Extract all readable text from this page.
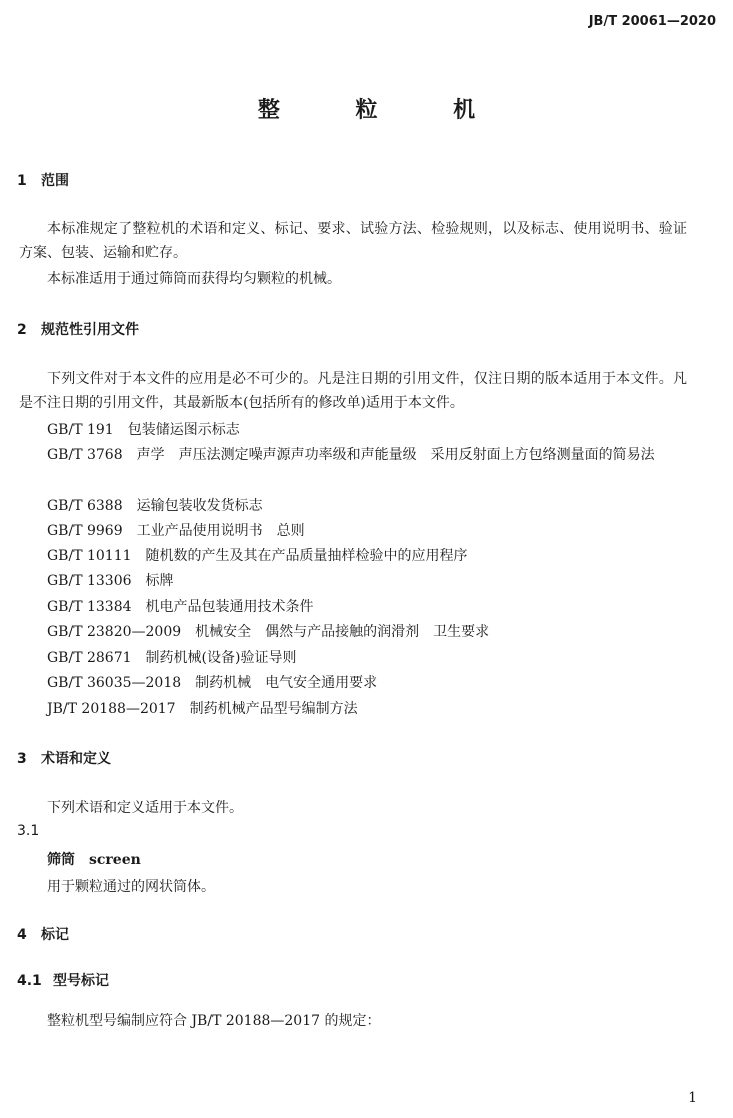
JB/T 20061—2020
整 粒 机
1 范围
本标准规定了整粒机的术语和定义、标记、要求、试验方法、检验规则，以及标志、使用说明书、验证方案、包装、运输和贮存。
本标准适用于通过筛筒而获得均匀颗粒的机械。
2 规范性引用文件
下列文件对于本文件的应用是必不可少的。凡是注日期的引用文件，仅注日期的版本适用于本文件。凡是不注日期的引用文件，其最新版本(包括所有的修改单)适用于本文件。
GB/T 191 包装储运图示标志
GB/T 3768 声学　声压法测定噪声源声功率级和声能量级　采用反射面上方包络测量面的简易法
GB/T 6388 运输包装收发货标志
GB/T 9969 工业产品使用说明书　总则
GB/T 10111 随机数的产生及其在产品质量抽样检验中的应用程序
GB/T 13306 标牌
GB/T 13384 机电产品包装通用技术条件
GB/T 23820—2009 机械安全　偶然与产品接触的润滑剂　卫生要求
GB/T 28671 制药机械(设备)验证导则
GB/T 36035—2018 制药机械　电气安全通用要求
JB/T 20188—2017 制药机械产品型号编制方法
3 术语和定义
下列术语和定义适用于本文件。
3.1
筛筒 screen
用于颗粒通过的网状筒体。
4 标记
4.1 型号标记
整粒机型号编制应符合 JB/T 20188—2017 的规定：
1
